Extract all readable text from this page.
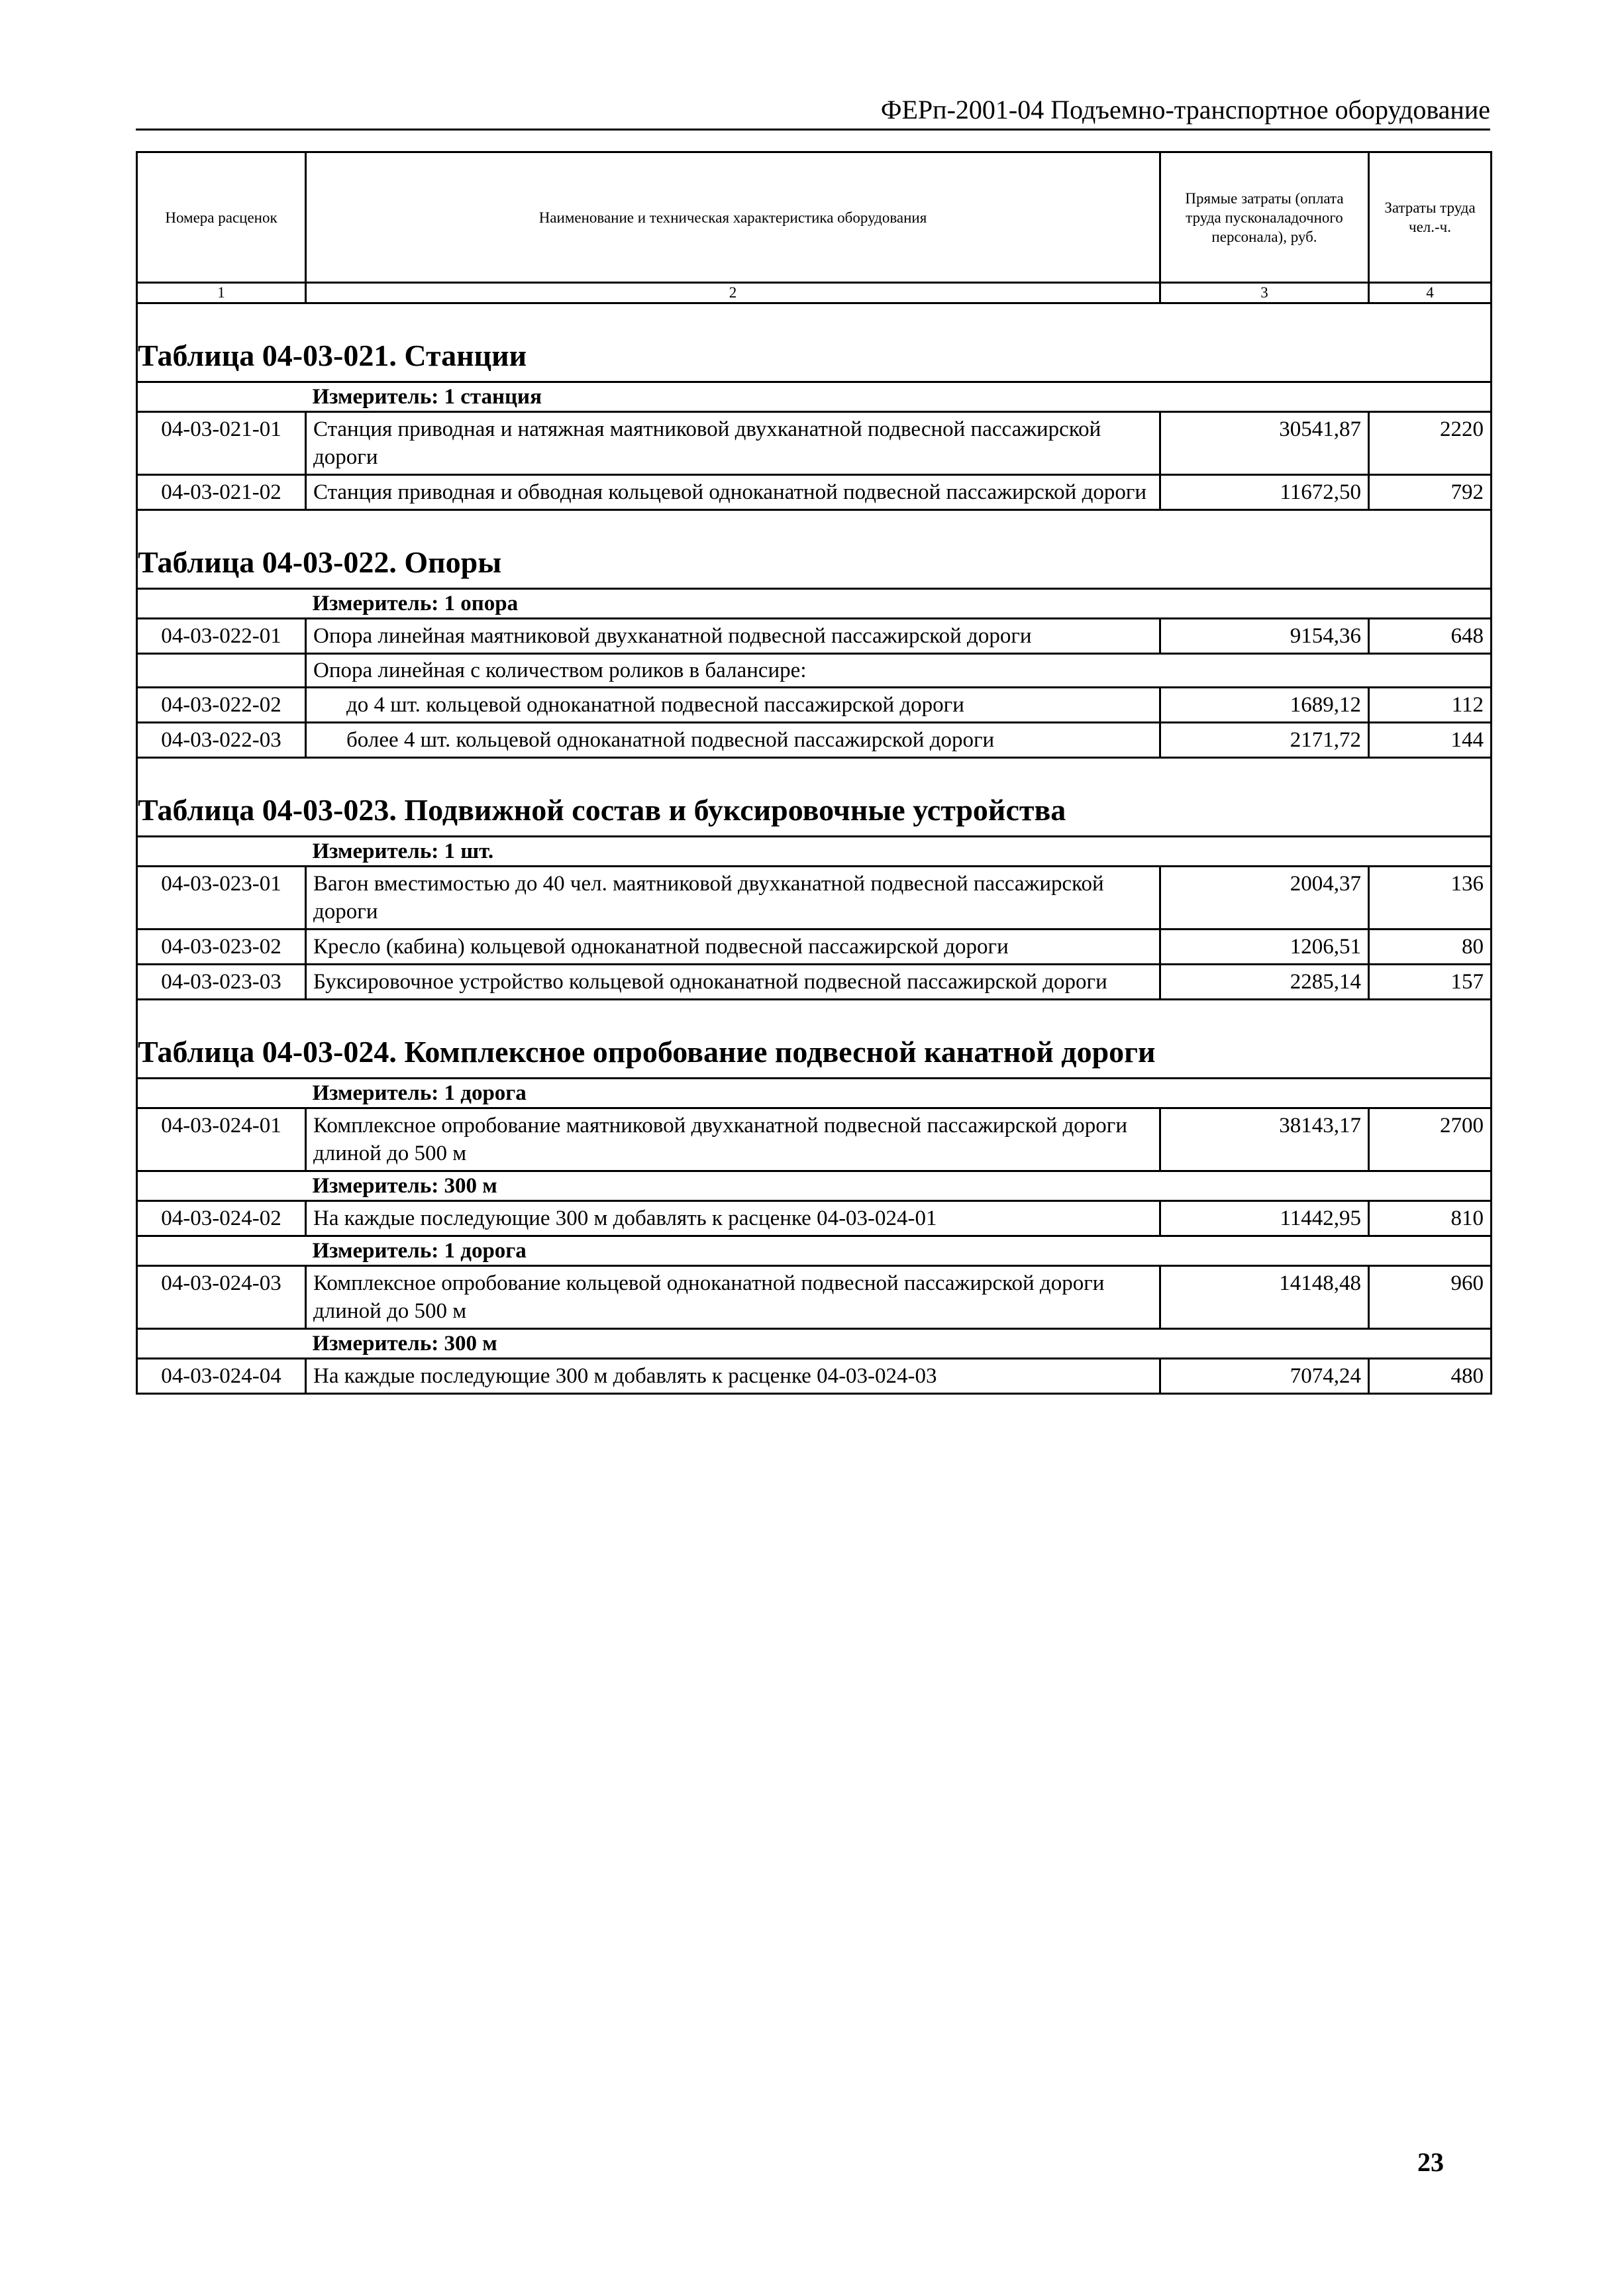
ФЕРп-2001-04 Подъемно-транспортное оборудование
Номера расценок	Наименование и техническая характеристика оборудования	Прямые затраты (оплата труда пусконаладочного персонала), руб.	Затраты труда чел.-ч.
1	2	3	4

Таблица 04-03-021. Станции			

	Измеритель: 1 станция		
04-03-021-01	Станция приводная и натяжная маятниковой двухканатной подвесной пассажирской дороги	30541,87	2220
04-03-021-02	Станция приводная и обводная кольцевой одноканатной подвесной пассажирской дороги	11672,50	792

Таблица 04-03-022. Опоры			

	Измеритель: 1 опора		
04-03-022-01	Опора линейная маятниковой двухканатной подвесной пассажирской дороги	9154,36	648
	Опора линейная с количеством роликов в балансире:		
04-03-022-02	до 4 шт. кольцевой одноканатной подвесной пассажирской дороги	1689,12	112
04-03-022-03	более 4 шт. кольцевой одноканатной подвесной пассажирской дороги	2171,72	144

Таблица 04-03-023. Подвижной состав и буксировочные устройства			

	Измеритель: 1 шт.		
04-03-023-01	Вагон вместимостью до 40 чел. маятниковой двухканатной подвесной пассажирской дороги	2004,37	136
04-03-023-02	Кресло (кабина) кольцевой одноканатной подвесной пассажирской дороги	1206,51	80
04-03-023-03	Буксировочное устройство кольцевой одноканатной подвесной пассажирской дороги	2285,14	157

Таблица 04-03-024. Комплексное опробование подвесной канатной дороги			

	Измеритель: 1 дорога		
04-03-024-01	Комплексное опробование маятниковой двухканатной подвесной пассажирской дороги длиной до 500 м	38143,17	2700
	Измеритель: 300 м		
04-03-024-02	На каждые последующие 300 м добавлять к расценке 04-03-024-01	11442,95	810
	Измеритель: 1 дорога		
04-03-024-03	Комплексное опробование кольцевой одноканатной подвесной пассажирской дороги длиной до 500 м	14148,48	960
	Измеритель: 300 м		
04-03-024-04	На каждые последующие 300 м добавлять к расценке 04-03-024-03	7074,24	480
23
